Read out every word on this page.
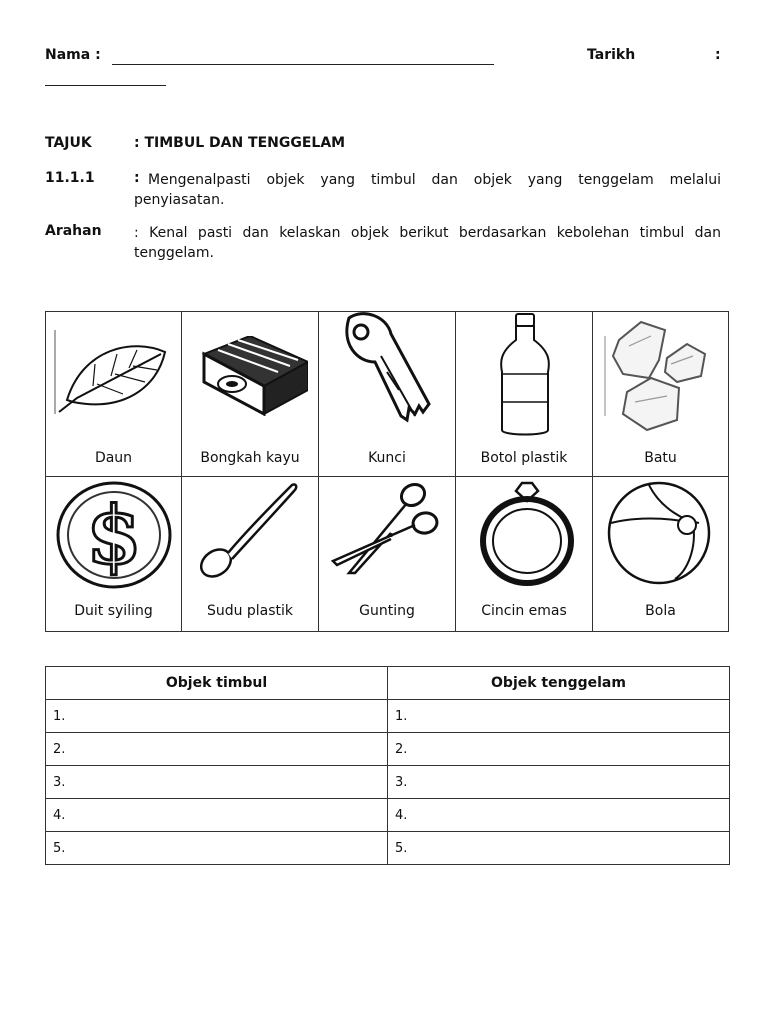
Nama :	Tarikh	:
TAJUK	: TIMBUL DAN TENGGELAM
11.1.1	: Mengenalpasti objek yang timbul dan objek yang tenggelam melalui penyiasatan.
Arahan : Kenal pasti dan kelaskan objek berikut berdasarkan kebolehan timbul dan tenggelam.
Daun	Bongkah kayu	Kunci	Botol plastik	Batu
$
Duit syiling	Sudu plastik	Gunting	Cincin emas	Bola
Objek timbul	Objek tenggelam
1.	1.
2.	2.
3.	3.
4.	4.
5.	5.
